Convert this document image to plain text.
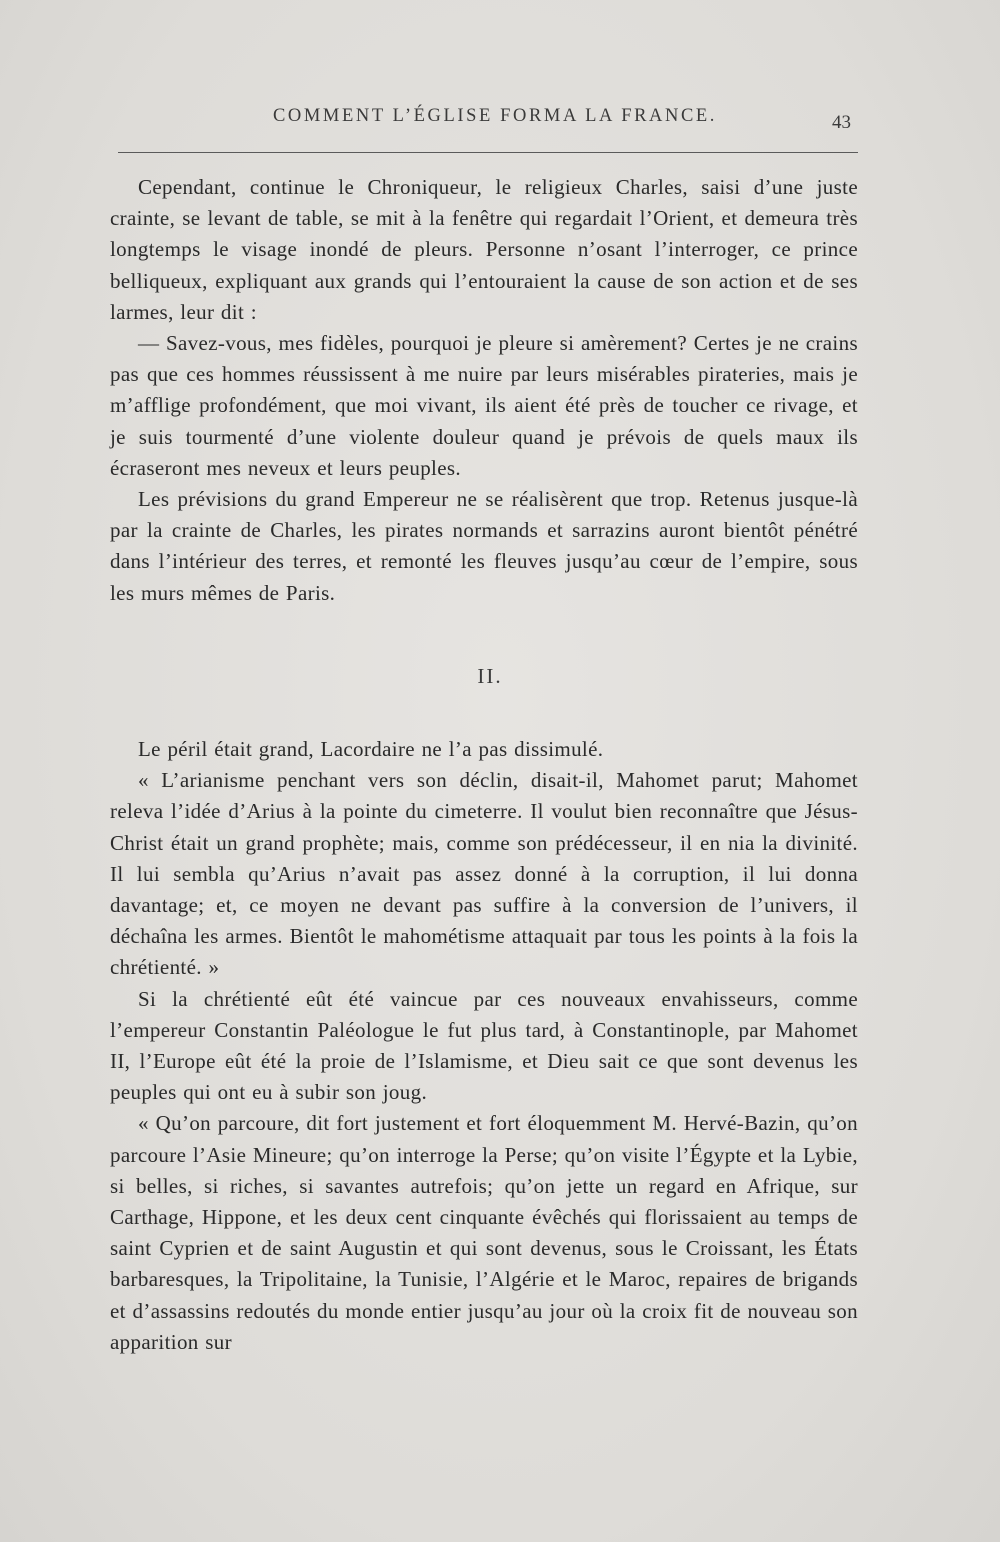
COMMENT L’ÉGLISE FORMA LA FRANCE.	43

Cependant, continue le Chroniqueur, le religieux Charles, saisi d’une juste crainte, se levant de table, se mit à la fenêtre qui regardait l’Orient, et demeura très longtemps le visage inondé de pleurs. Personne n’osant l’interroger, ce prince belliqueux, expliquant aux grands qui l’entouraient la cause de son action et de ses larmes, leur dit :

— Savez-vous, mes fidèles, pourquoi je pleure si amèrement? Certes je ne crains pas que ces hommes réussissent à me nuire par leurs misérables pirateries, mais je m’afflige profondément, que moi vivant, ils aient été près de toucher ce rivage, et je suis tourmenté d’une violente douleur quand je prévois de quels maux ils écraseront mes neveux et leurs peuples.

Les prévisions du grand Empereur ne se réalisèrent que trop. Retenus jusque-là par la crainte de Charles, les pirates normands et sarrazins auront bientôt pénétré dans l’intérieur des terres, et remonté les fleuves jusqu’au cœur de l’empire, sous les murs mêmes de Paris.

II.

Le péril était grand, Lacordaire ne l’a pas dissimulé.

« L’arianisme penchant vers son déclin, disait-il, Mahomet parut; Mahomet releva l’idée d’Arius à la pointe du cimeterre. Il voulut bien reconnaître que Jésus-Christ était un grand prophète; mais, comme son prédécesseur, il en nia la divinité. Il lui sembla qu’Arius n’avait pas assez donné à la corruption, il lui donna davantage; et, ce moyen ne devant pas suffire à la conversion de l’univers, il déchaîna les armes. Bientôt le mahométisme attaquait par tous les points à la fois la chrétienté. »

Si la chrétienté eût été vaincue par ces nouveaux envahisseurs, comme l’empereur Constantin Paléologue le fut plus tard, à Constantinople, par Mahomet II, l’Europe eût été la proie de l’Islamisme, et Dieu sait ce que sont devenus les peuples qui ont eu à subir son joug.

« Qu’on parcoure, dit fort justement et fort éloquemment M. Hervé-Bazin, qu’on parcoure l’Asie Mineure; qu’on interroge la Perse; qu’on visite l’Égypte et la Lybie, si belles, si riches, si savantes autrefois; qu’on jette un regard en Afrique, sur Carthage, Hippone, et les deux cent cinquante évêchés qui florissaient au temps de saint Cyprien et de saint Augustin et qui sont devenus, sous le Croissant, les États barbaresques, la Tripolitaine, la Tunisie, l’Algérie et le Maroc, repaires de brigands et d’assassins redoutés du monde entier jusqu’au jour où la croix fit de nouveau son apparition sur
